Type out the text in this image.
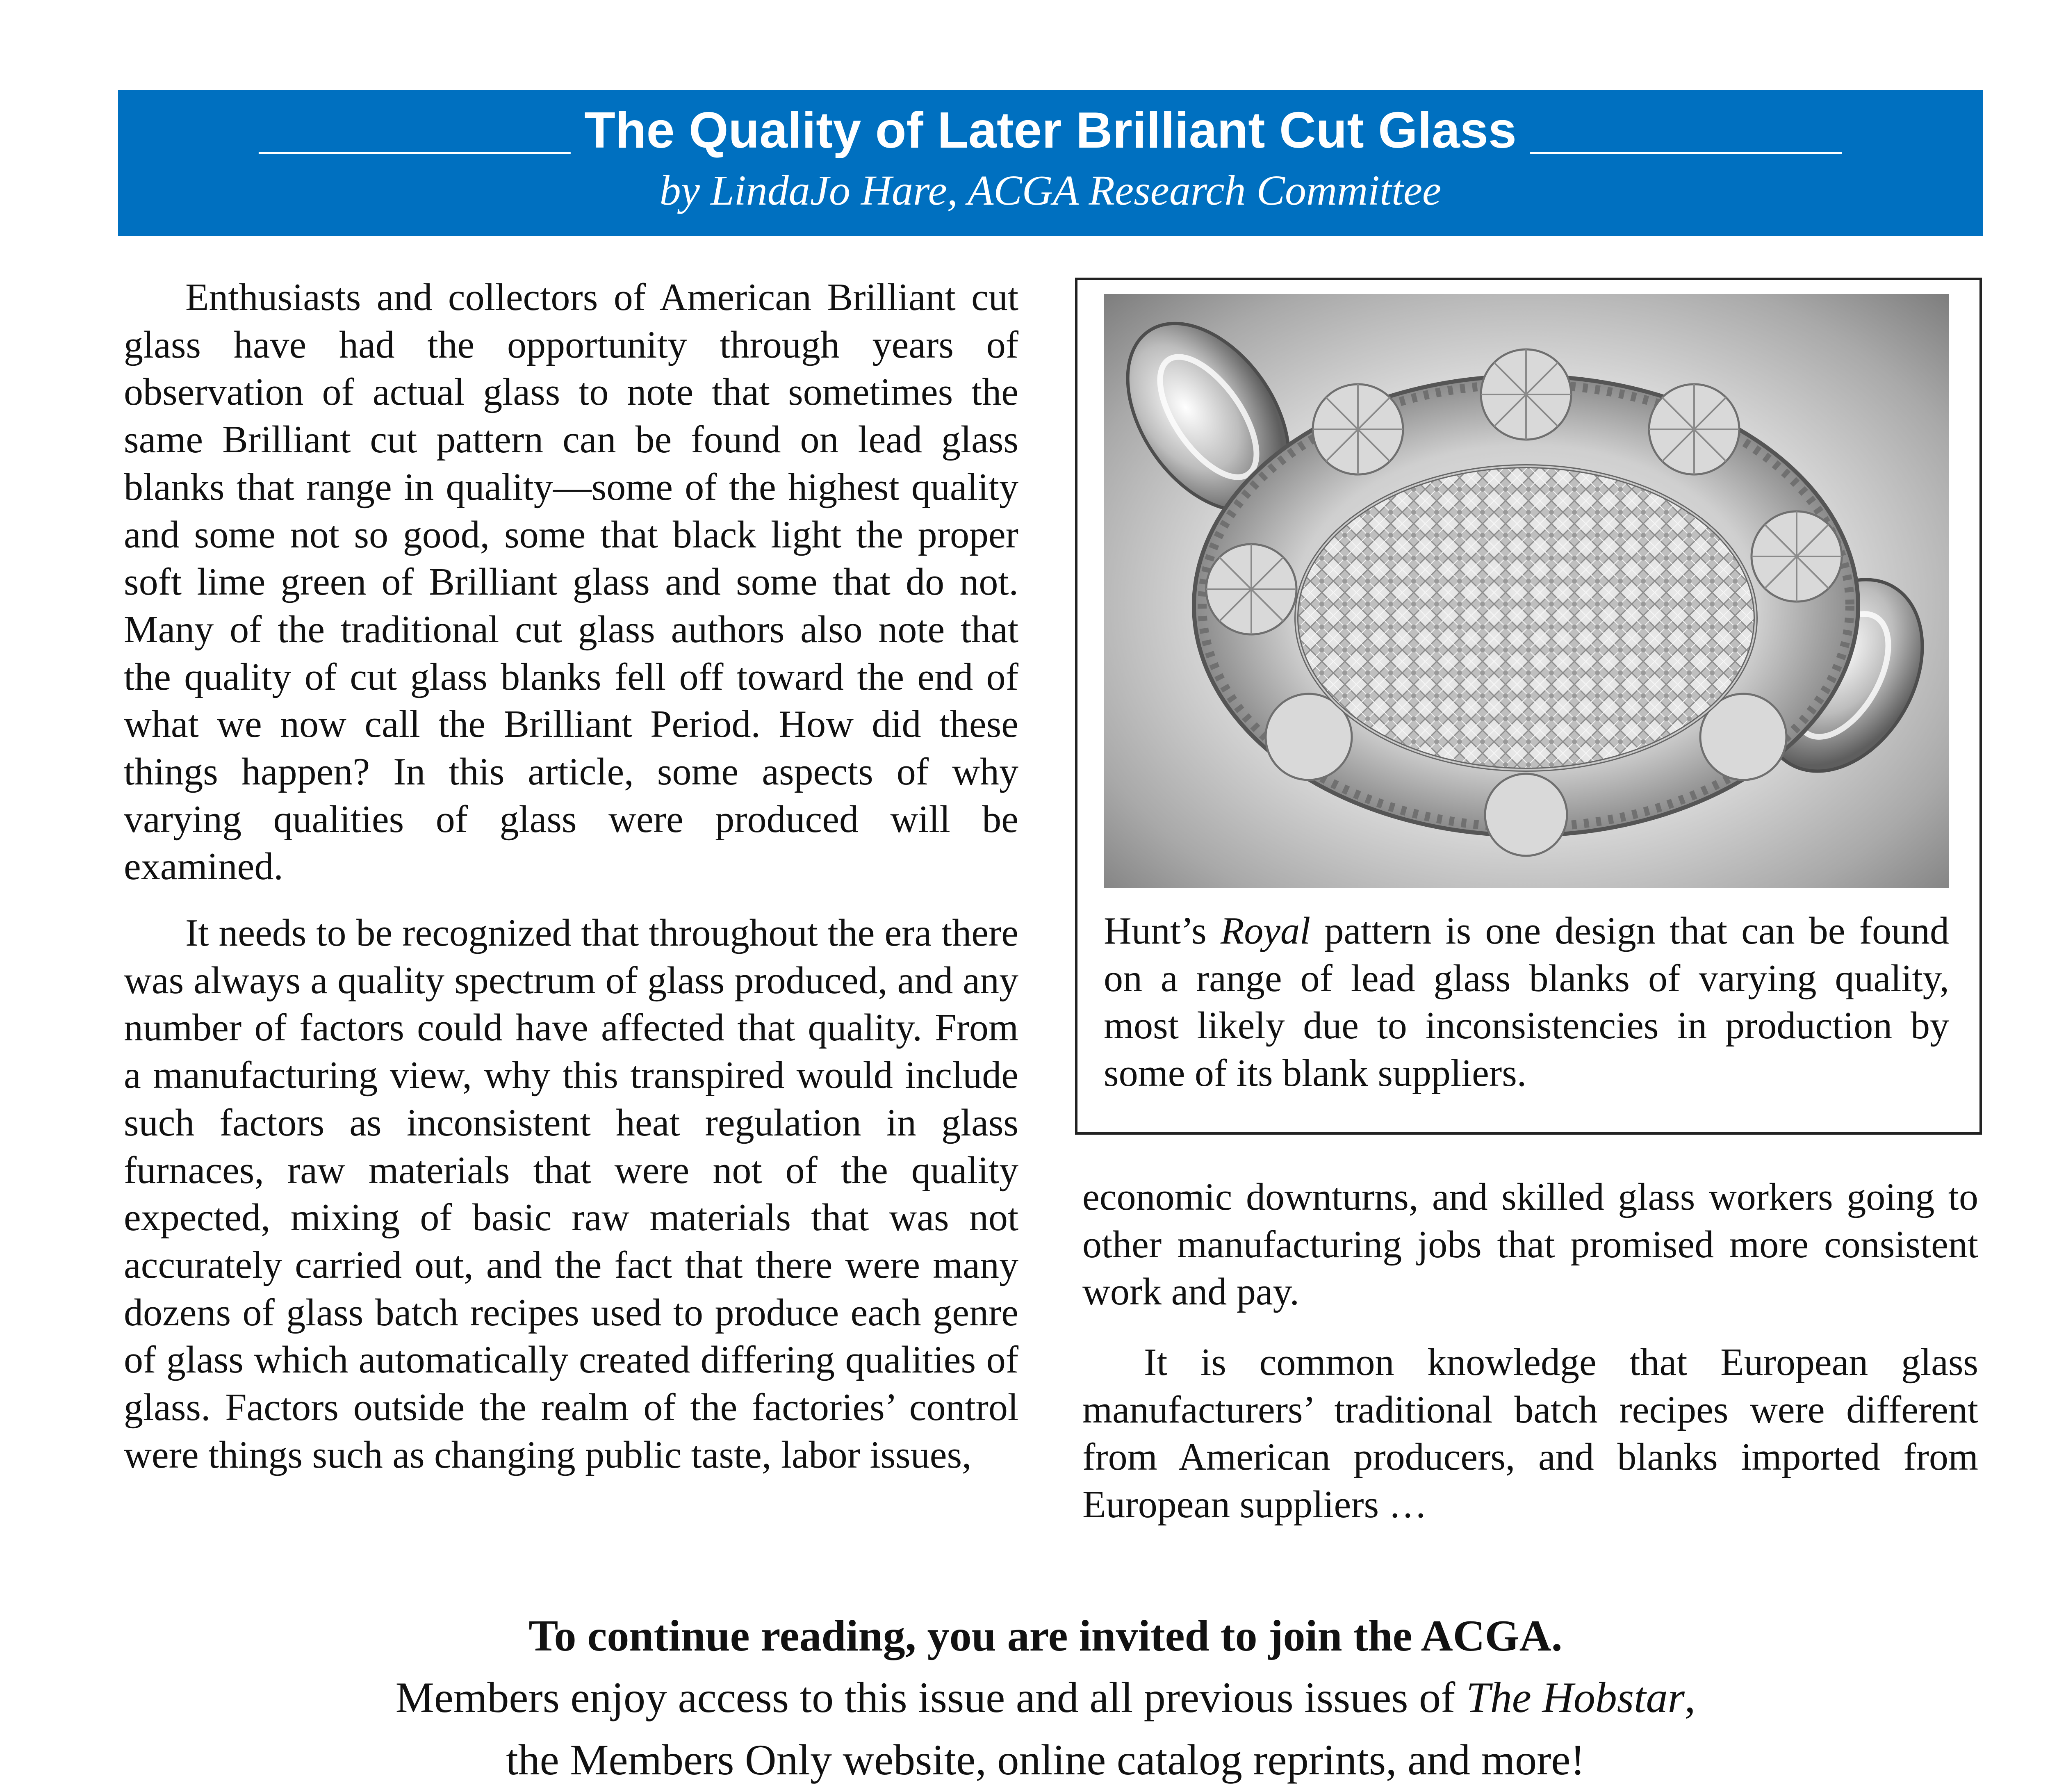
___________ The Quality of Later Brilliant Cut Glass ___________
by LindaJo Hare, ACGA Research Committee

Enthusiasts and collectors of American Brilliant cut glass have had the opportunity through years of observation of actual glass to note that sometimes the same Brilliant cut pattern can be found on lead glass blanks that range in quality—some of the highest quality and some not so good, some that black light the proper soft lime green of Brilliant glass and some that do not. Many of the traditional cut glass authors also note that the quality of cut glass blanks fell off toward the end of what we now call the Brilliant Period. How did these things happen? In this article, some aspects of why varying qualities of glass were produced will be examined.

It needs to be recognized that throughout the era there was always a quality spectrum of glass produced, and any number of factors could have affected that quality. From a manufacturing view, why this transpired would include such factors as inconsistent heat regulation in glass furnaces, raw materials that were not of the quality expected, mixing of basic raw materials that was not accurately carried out, and the fact that there were many dozens of glass batch recipes used to produce each genre of glass which automatically created differing qualities of glass. Factors outside the realm of the factories’ control were things such as changing public taste, labor issues,

Hunt’s Royal pattern is one design that can be found on a range of lead glass blanks of varying quality, most likely due to inconsistencies in production by some of its blank suppliers.

economic downturns, and skilled glass workers going to other manufacturing jobs that promised more consistent work and pay.

It is common knowledge that European glass manufacturers’ traditional batch recipes were different from American producers, and blanks imported from European suppliers …

To continue reading, you are invited to join the ACGA.
Members enjoy access to this issue and all previous issues of The Hobstar,
the Members Only website, online catalog reprints, and more!
